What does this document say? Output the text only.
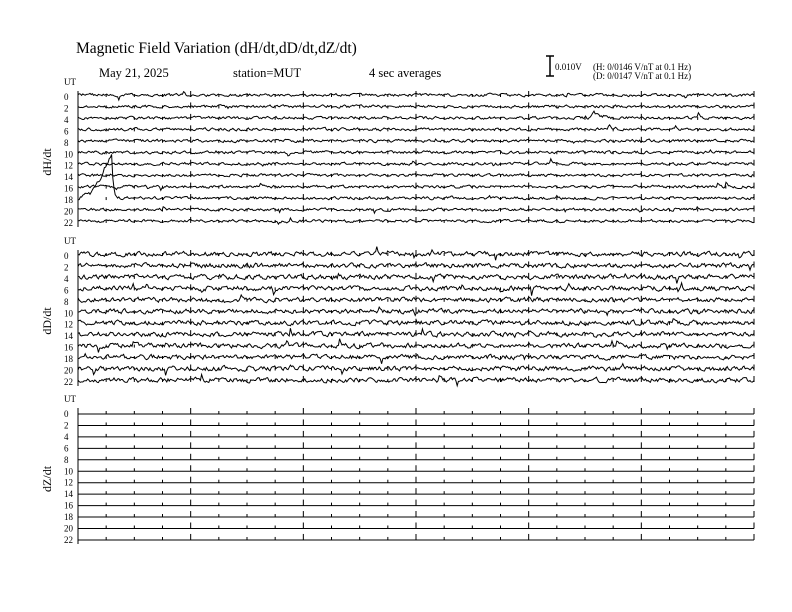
Magnetic Field Variation (dH/dt,dD/dt,dZ/dt)
May 21, 2025	station=MUT	4 sec averages	0.010V (H: 0/0146 V/nT at 0.1 Hz)
(D: 0/0147 V/nT at 0.1 Hz)
UT
dH/dt
0
2
4
6
8
10
12
14
16
18
20
22
UT
dD/dt
0
2
4
6
8
10
12
14
16
18
20
22
UT
dZ/dt
0
2
4
6
8
10
12
14
16
18
20
22
